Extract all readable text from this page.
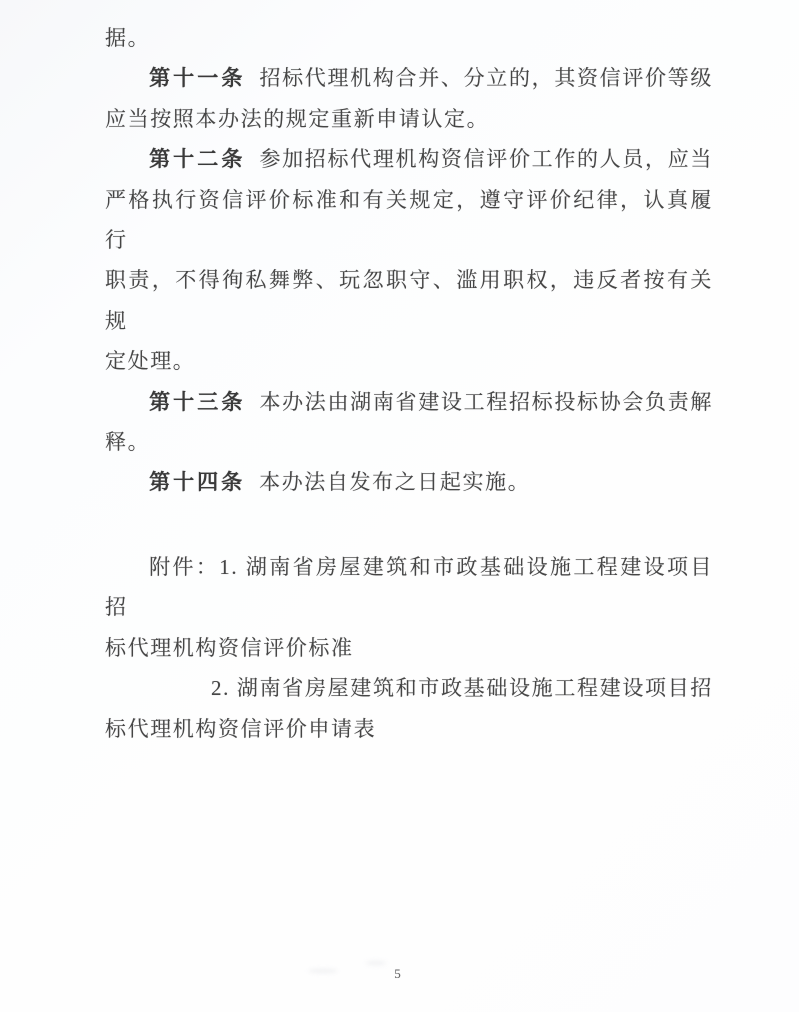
据。
第十一条 招标代理机构合并、分立的，其资信评价等级
应当按照本办法的规定重新申请认定。
第十二条 参加招标代理机构资信评价工作的人员，应当
严格执行资信评价标准和有关规定，遵守评价纪律，认真履行
职责，不得徇私舞弊、玩忽职守、滥用职权，违反者按有关规
定处理。
第十三条 本办法由湖南省建设工程招标投标协会负责解
释。
第十四条 本办法自发布之日起实施。
附件：1. 湖南省房屋建筑和市政基础设施工程建设项目招
标代理机构资信评价标准
2. 湖南省房屋建筑和市政基础设施工程建设项目招
标代理机构资信评价申请表
5
